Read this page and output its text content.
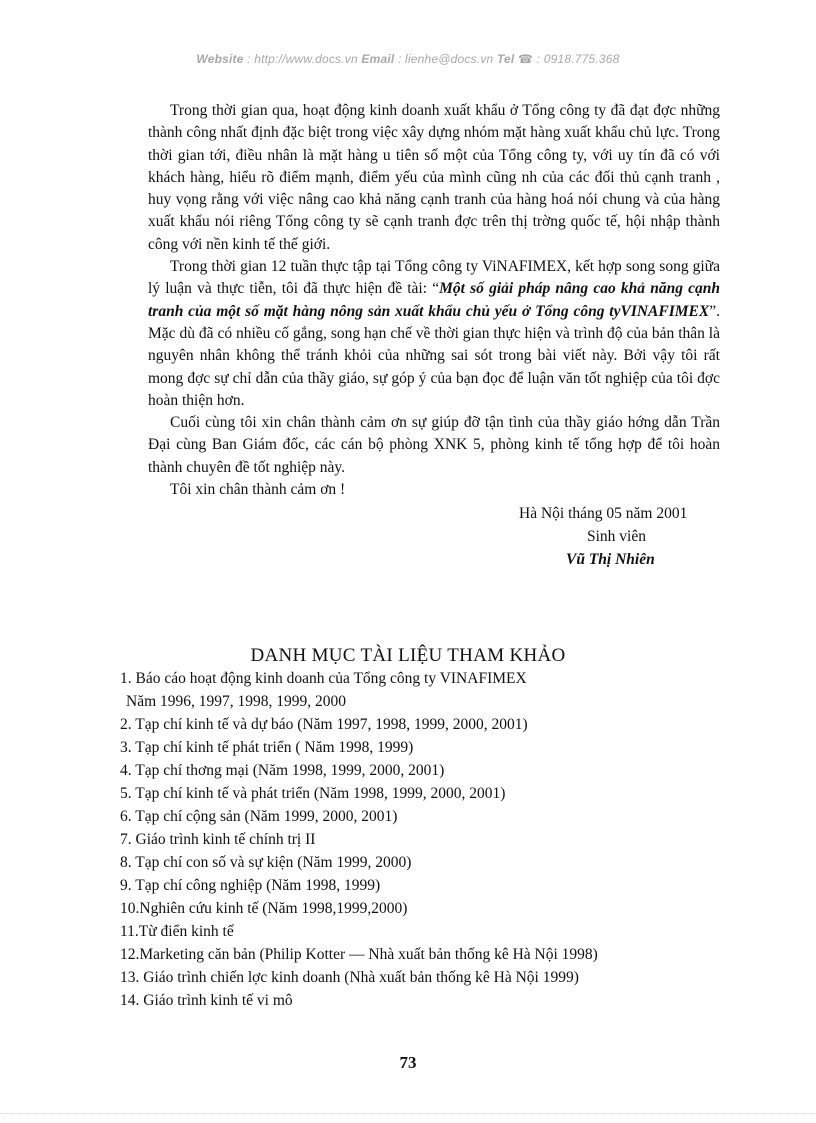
Website : http://www.docs.vn Email : lienhe@docs.vn Tel ☎ : 0918.775.368

Trong thời gian qua, hoạt động kinh doanh xuất khẩu ở Tổng công ty đã đạt đợc những thành công nhất định đặc biệt trong việc xây dựng nhóm mặt hàng xuất khẩu chủ lực. Trong thời gian tới, điều nhân là mặt hàng u tiên số một của Tổng công ty, với uy tín đã có với khách hàng, hiểu rõ điểm mạnh, điểm yếu của mình cũng nh của các đối thủ cạnh tranh , huy vọng rằng với việc nâng cao khả năng cạnh tranh của hàng hoá nói chung và của hàng xuất khẩu nói riêng Tổng công ty sẽ cạnh tranh đợc trên thị trờng quốc tế, hội nhập thành công với nền kinh tế thế giới.

Trong thời gian 12 tuần thực tập tại Tổng công ty ViNAFIMEX, kết hợp song song giữa lý luận và thực tiễn, tôi đã thực hiện đề tài: “Một số giải pháp nâng cao khả năng cạnh tranh của một số mặt hàng nông sản xuất khẩu chủ yếu ở Tổng công tyVINAFIMEX”. Mặc dù đã có nhiều cố gắng, song hạn chế về thời gian thực hiện và trình độ của bản thân là nguyên nhân không thể tránh khỏi của những sai sót trong bài viết này. Bởi vậy tôi rất mong đợc sự chỉ dẫn của thầy giáo, sự góp ý của bạn đọc để luận văn tốt nghiệp của tôi đợc hoàn thiện hơn.

Cuối cùng tôi xin chân thành cảm ơn sự giúp đỡ tận tình của thầy giáo hớng dẫn Trần Đại cùng Ban Giám đốc, các cán bộ phòng XNK 5, phòng kinh tế tổng hợp để tôi hoàn thành chuyên đề tốt nghiệp này.

Tôi xin chân thành cảm ơn !

Hà Nội tháng 05 năm 2001
Sinh viên
Vũ Thị Nhiên
DANH MỤC TÀI LIỆU THAM KHẢO
1. Báo cáo hoạt động kinh doanh của Tổng công ty VINAFIMEX
Năm 1996, 1997, 1998, 1999, 2000
2. Tạp chí kinh tế và dự báo (Năm 1997, 1998, 1999, 2000, 2001)
3. Tạp chí kinh tế phát triển ( Năm 1998, 1999)
4. Tạp chí thơng mại (Năm 1998, 1999, 2000, 2001)
5. Tạp chí kinh tế và phát triển (Năm 1998, 1999, 2000, 2001)
6. Tạp chí cộng sản (Năm 1999, 2000, 2001)
7. Giáo trình kinh tế chính trị II
8. Tạp chí con số và sự kiện (Năm 1999, 2000)
9. Tạp chí công nghiệp (Năm 1998, 1999)
10.Nghiên cứu kinh tế (Năm 1998,1999,2000)
11.Từ điển kinh tế
12.Marketing căn bản (Philip Kotter — Nhà xuất bản thống kê Hà Nội 1998)
13. Giáo trình chiến lợc kinh doanh (Nhà xuất bản thống kê Hà Nội 1999)
14. Giáo trình kinh tế vi mô
73
